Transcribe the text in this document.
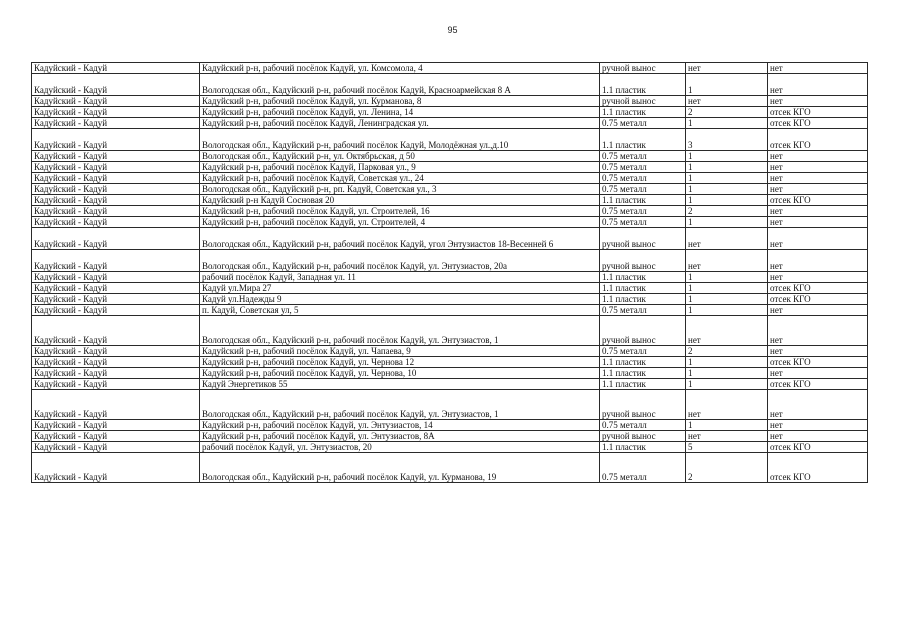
95
Кадуйский - Кадуй	Кадуйский р-н, рабочий посёлок Кадуй, ул. Комсомола, 4	ручной вынос	нет	нет
Кадуйский - Кадуй	Вологодская обл., Кадуйский р-н, рабочий посёлок Кадуй, Красноармейская 8 А	1.1 пластик	1	нет
Кадуйский - Кадуй	Кадуйский р-н, рабочий посёлок Кадуй, ул. Курманова, 8	ручной вынос	нет	нет
Кадуйский - Кадуй	Кадуйский р-н, рабочий посёлок Кадуй, ул. Ленина, 14	1.1 пластик	2	отсек КГО
Кадуйский - Кадуй	Кадуйский р-н, рабочий посёлок Кадуй, Ленинградская ул.	0.75 металл	1	отсек КГО
Кадуйский - Кадуй	Вологодская обл., Кадуйский р-н, рабочий посёлок Кадуй, Молодёжная ул.,д.10	1.1 пластик	3	отсек КГО
Кадуйский - Кадуй	Вологодская обл., Кадуйский р-н, ул. Октябрьская, д 50	0.75 металл	1	нет
Кадуйский - Кадуй	Кадуйский р-н, рабочий посёлок Кадуй, Парковая ул., 9	0.75 металл	1	нет
Кадуйский - Кадуй	Кадуйский р-н, рабочий посёлок Кадуй, Советская ул., 24	0.75 металл	1	нет
Кадуйский - Кадуй	Вологодская обл., Кадуйский р-н, рп. Кадуй, Советская ул., 3	0.75 металл	1	нет
Кадуйский - Кадуй	Кадуйский р-н Кадуй Сосновая 20	1.1 пластик	1	отсек КГО
Кадуйский - Кадуй	Кадуйский р-н, рабочий посёлок Кадуй, ул. Строителей, 16	0.75 металл	2	нет
Кадуйский - Кадуй	Кадуйский р-н, рабочий посёлок Кадуй, ул. Строителей, 4	0.75 металл	1	нет
Кадуйский - Кадуй	Вологодская обл., Кадуйский р-н, рабочий посёлок Кадуй, угол Энтузиастов 18-Весенней 6	ручной вынос	нет	нет
Кадуйский - Кадуй	Вологодская обл., Кадуйский р-н, рабочий посёлок Кадуй, ул. Энтузиастов, 20а	ручной вынос	нет	нет
Кадуйский - Кадуй	рабочий посёлок Кадуй, Западная ул. 11	1.1 пластик	1	нет
Кадуйский - Кадуй	Кадуй ул.Мира 27	1.1 пластик	1	отсек КГО
Кадуйский - Кадуй	Кадуй ул.Надежды 9	1.1 пластик	1	отсек КГО
Кадуйский - Кадуй	п. Кадуй, Советская ул, 5	0.75 металл	1	нет
Кадуйский - Кадуй	Вологодская обл., Кадуйский р-н, рабочий посёлок Кадуй, ул. Энтузиастов, 1	ручной вынос	нет	нет
Кадуйский - Кадуй	Кадуйский р-н, рабочий посёлок Кадуй, ул. Чапаева, 9	0.75 металл	2	нет
Кадуйский - Кадуй	Кадуйский р-н, рабочий посёлок Кадуй, ул. Чернова 12	1.1 пластик	1	отсек КГО
Кадуйский - Кадуй	Кадуйский р-н, рабочий посёлок Кадуй, ул. Чернова, 10	1.1 пластик	1	нет
Кадуйский - Кадуй	Кадуй Энергетиков 55	1.1 пластик	1	отсек КГО
Кадуйский - Кадуй	Вологодская обл., Кадуйский р-н, рабочий посёлок Кадуй, ул. Энтузиастов, 1	ручной вынос	нет	нет
Кадуйский - Кадуй	Кадуйский р-н, рабочий посёлок Кадуй, ул. Энтузиастов, 14	0.75 металл	1	нет
Кадуйский - Кадуй	Кадуйский р-н, рабочий посёлок Кадуй, ул. Энтузиастов, 8А	ручной вынос	нет	нет
Кадуйский - Кадуй	рабочий посёлок Кадуй, ул. Энтузиастов, 20	1.1 пластик	5	отсек КГО
Кадуйский - Кадуй	Вологодская обл., Кадуйский р-н, рабочий посёлок Кадуй, ул. Курманова, 19	0.75 металл	2	отсек КГО
